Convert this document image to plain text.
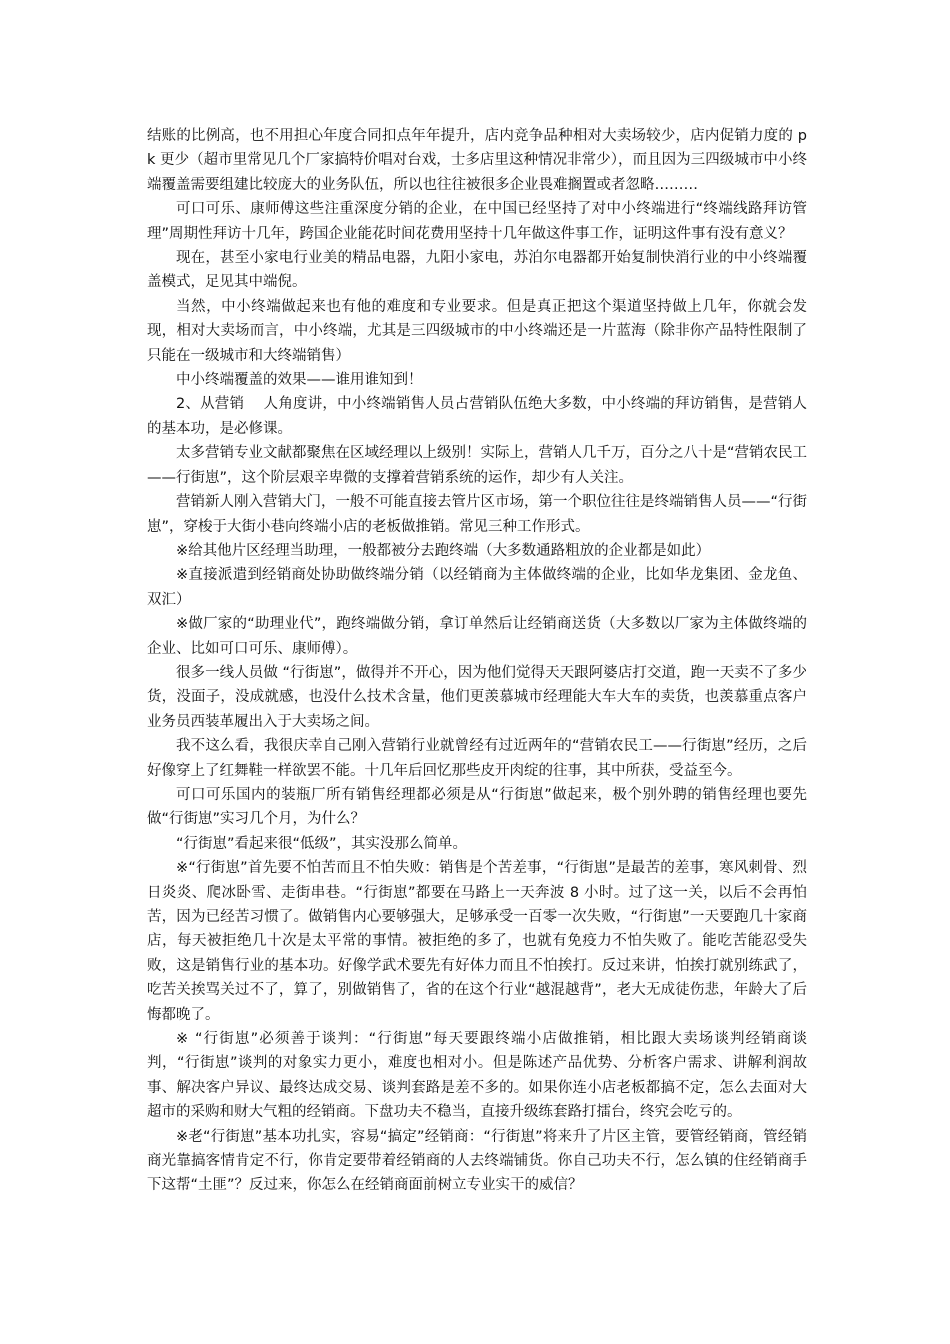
结账的比例高，也不用担心年度合同扣点年年提升，店内竞争品种相对大卖场较少，店内促销力度的 pk 更少（超市里常见几个厂家搞特价唱对台戏，士多店里这种情况非常少），而且因为三四级城市中小终端覆盖需要组建比较庞大的业务队伍，所以也往往被很多企业畏难搁置或者忽略………

可口可乐、康师傅这些注重深度分销的企业，在中国已经坚持了对中小终端进行“终端线路拜访管理”周期性拜访十几年，跨国企业能花时间花费用坚持十几年做这件事工作，证明这件事有没有意义？

现在，甚至小家电行业美的精品电器，九阳小家电，苏泊尔电器都开始复制快消行业的中小终端覆盖模式，足见其中端倪。

当然，中小终端做起来也有他的难度和专业要求。但是真正把这个渠道坚持做上几年，你就会发现，相对大卖场而言，中小终端，尤其是三四级城市的中小终端还是一片蓝海（除非你产品特性限制了只能在一级城市和大终端销售）

中小终端覆盖的效果——谁用谁知到！

2、从营销　 人角度讲，中小终端销售人员占营销队伍绝大多数，中小终端的拜访销售，是营销人的基本功，是必修课。

太多营销专业文献都聚焦在区域经理以上级别！实际上，营销人几千万，百分之八十是“营销农民工——行街崽”，这个阶层艰辛卑微的支撑着营销系统的运作，却少有人关注。

营销新人刚入营销大门，一般不可能直接去管片区市场，第一个职位往往是终端销售人员——“行街崽”，穿梭于大街小巷向终端小店的老板做推销。常见三种工作形式。

※给其他片区经理当助理，一般都被分去跑终端（大多数通路粗放的企业都是如此）

※直接派遣到经销商处协助做终端分销（以经销商为主体做终端的企业，比如华龙集团、金龙鱼、双汇）

※做厂家的“助理业代”，跑终端做分销，拿订单然后让经销商送货（大多数以厂家为主体做终端的企业、比如可口可乐、康师傅）。

很多一线人员做 “行街崽”，做得并不开心，因为他们觉得天天跟阿婆店打交道，跑一天卖不了多少货，没面子，没成就感，也没什么技术含量，他们更羡慕城市经理能大车大车的卖货，也羡慕重点客户业务员西装革履出入于大卖场之间。

我不这么看，我很庆幸自己刚入营销行业就曾经有过近两年的“营销农民工——行街崽”经历，之后好像穿上了红舞鞋一样欲罢不能。十几年后回忆那些皮开肉绽的往事，其中所获，受益至今。

可口可乐国内的装瓶厂所有销售经理都必须是从“行街崽”做起来，极个别外聘的销售经理也要先做“行街崽”实习几个月，为什么？

“行街崽”看起来很“低级”，其实没那么简单。

※“行街崽”首先要不怕苦而且不怕失败：销售是个苦差事，“行街崽”是最苦的差事，寒风刺骨、烈日炎炎、爬冰卧雪、走街串巷。“行街崽”都要在马路上一天奔波 8 小时。过了这一关，以后不会再怕苦，因为已经苦习惯了。做销售内心要够强大，足够承受一百零一次失败，“行街崽”一天要跑几十家商店，每天被拒绝几十次是太平常的事情。被拒绝的多了，也就有免疫力不怕失败了。能吃苦能忍受失败，这是销售行业的基本功。好像学武术要先有好体力而且不怕挨打。反过来讲，怕挨打就别练武了，吃苦关挨骂关过不了，算了，别做销售了，省的在这个行业“越混越背”，老大无成徒伤悲，年龄大了后悔都晚了。

※ “行街崽”必须善于谈判：“行街崽”每天要跟终端小店做推销，相比跟大卖场谈判经销商谈判，“行街崽”谈判的对象实力更小，难度也相对小。但是陈述产品优势、分析客户需求、讲解利润故事、解决客户异议、最终达成交易、谈判套路是差不多的。如果你连小店老板都搞不定，怎么去面对大超市的采购和财大气粗的经销商。下盘功夫不稳当，直接升级练套路打擂台，终究会吃亏的。

※老“行街崽”基本功扎实，容易“搞定”经销商：“行街崽”将来升了片区主管，要管经销商，管经销商光靠搞客情肯定不行，你肯定要带着经销商的人去终端铺货。你自己功夫不行，怎么镇的住经销商手下这帮“土匪”？反过来，你怎么在经销商面前树立专业实干的威信？
